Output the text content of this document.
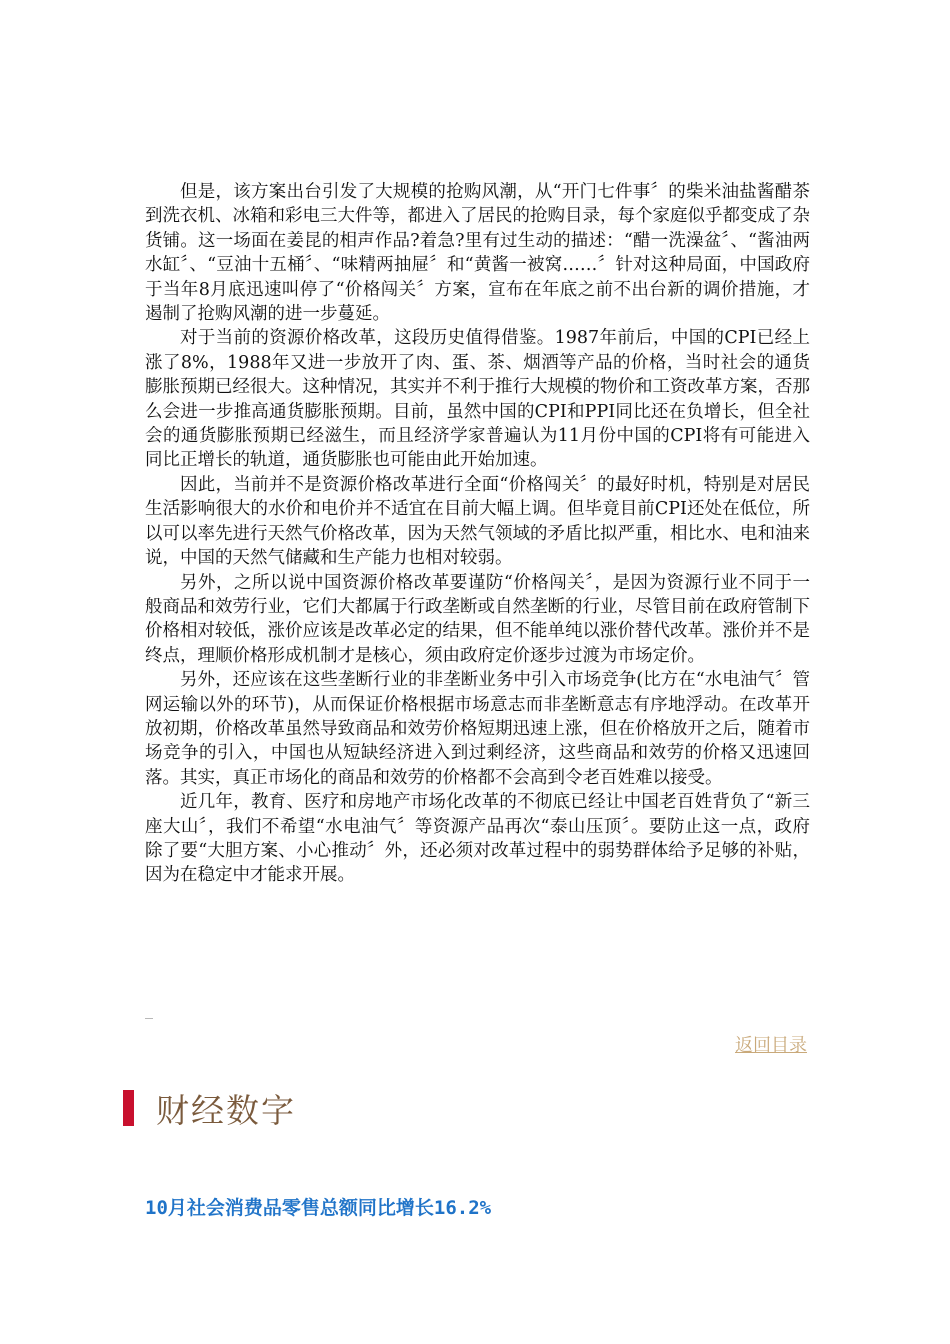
但是，该方案出台引发了大规模的抢购风潮，从“开门七件事〞的柴米油盐酱醋茶到洗衣机、冰箱和彩电三大件等，都进入了居民的抢购目录，每个家庭似乎都变成了杂货铺。这一场面在姜昆的相声作品?着急?里有过生动的描述：“醋一洗澡盆〞、“酱油两水缸〞、“豆油十五桶〞、“味精两抽屉〞和“黄酱一被窝……〞针对这种局面，中国政府于当年8月底迅速叫停了“价格闯关〞方案，宣布在年底之前不出台新的调价措施，才遏制了抢购风潮的进一步蔓延。

对于当前的资源价格改革，这段历史值得借鉴。1987年前后，中国的CPI已经上涨了8%，1988年又进一步放开了肉、蛋、茶、烟酒等产品的价格，当时社会的通货膨胀预期已经很大。这种情况，其实并不利于推行大规模的物价和工资改革方案，否那么会进一步推高通货膨胀预期。目前，虽然中国的CPI和PPI同比还在负增长，但全社会的通货膨胀预期已经滋生，而且经济学家普遍认为11月份中国的CPI将有可能进入同比正增长的轨道，通货膨胀也可能由此开始加速。

因此，当前并不是资源价格改革进行全面“价格闯关〞的最好时机，特别是对居民生活影响很大的水价和电价并不适宜在目前大幅上调。但毕竟目前CPI还处在低位，所以可以率先进行天然气价格改革，因为天然气领域的矛盾比拟严重，相比水、电和油来说，中国的天然气储藏和生产能力也相对较弱。

另外，之所以说中国资源价格改革要谨防“价格闯关〞，是因为资源行业不同于一般商品和效劳行业，它们大都属于行政垄断或自然垄断的行业，尽管目前在政府管制下价格相对较低，涨价应该是改革必定的结果，但不能单纯以涨价替代改革。涨价并不是终点，理顺价格形成机制才是核心，须由政府定价逐步过渡为市场定价。

另外，还应该在这些垄断行业的非垄断业务中引入市场竞争(比方在“水电油气〞管网运输以外的环节)，从而保证价格根据市场意志而非垄断意志有序地浮动。在改革开放初期，价格改革虽然导致商品和效劳价格短期迅速上涨，但在价格放开之后，随着市场竞争的引入，中国也从短缺经济进入到过剩经济，这些商品和效劳的价格又迅速回落。其实，真正市场化的商品和效劳的价格都不会高到令老百姓难以接受。

近几年，教育、医疗和房地产市场化改革的不彻底已经让中国老百姓背负了“新三座大山〞，我们不希望“水电油气〞等资源产品再次“泰山压顶〞。要防止这一点，政府除了要“大胆方案、小心推动〞外，还必须对改革过程中的弱势群体给予足够的补贴，因为在稳定中才能求开展。

返回目录
财经数字
10月社会消费品零售总额同比增长16.2%
